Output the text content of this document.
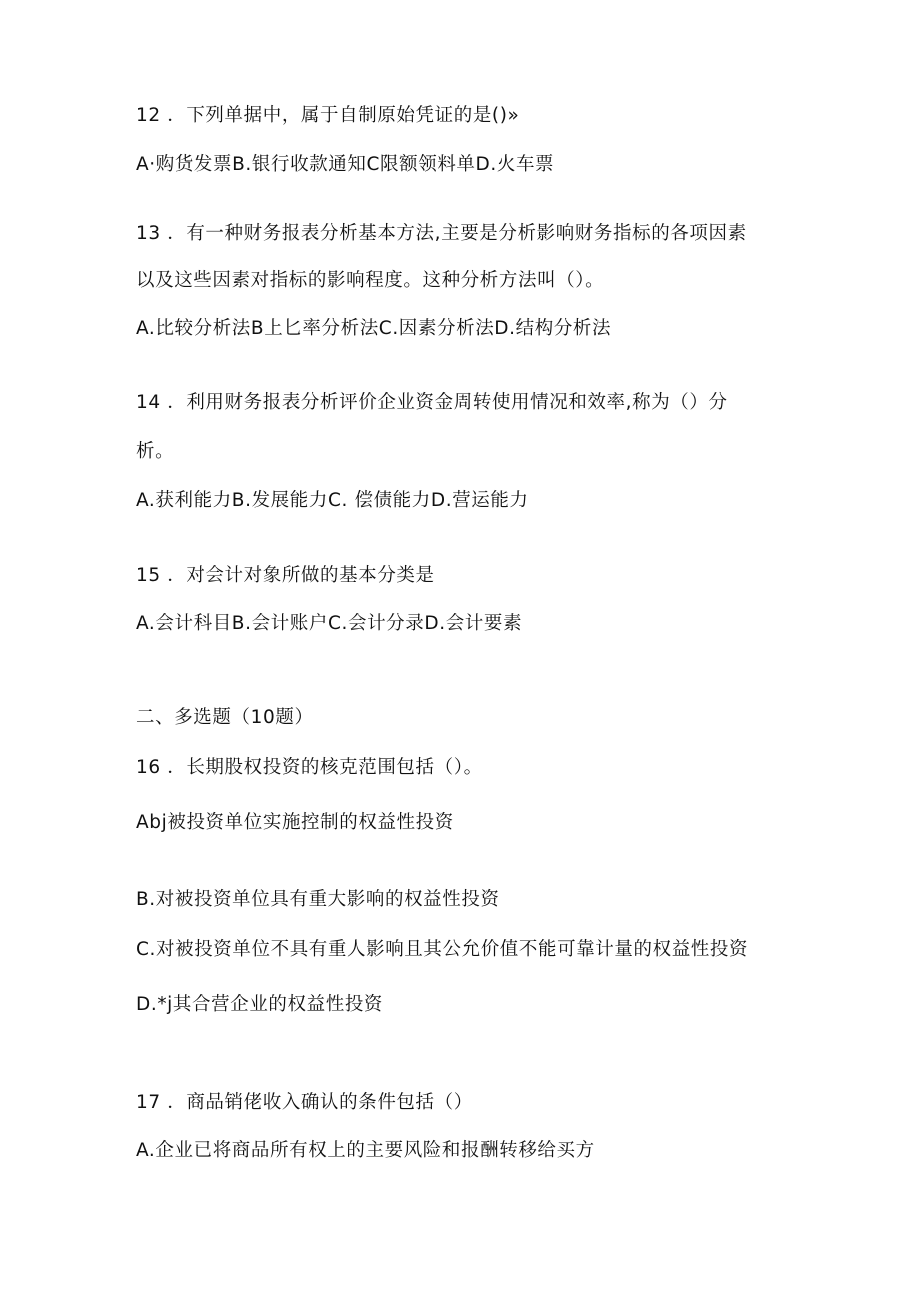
12 ．下列单据中，属于自制原始凭证的是()»
A·购货发票B.银行收款通知C限额领料单D.火车票
13 ．有一种财务报表分析基本方法,主要是分析影响财务指标的各项因素
以及这些因素对指标的影响程度。这种分析方法叫（）。
A.比较分析法B上匕率分析法C.因素分析法D.结构分析法
14 ．利用财务报表分析评价企业资金周转使用情况和效率,称为（）分
析。
A.获利能力B.发展能力C. 偿债能力D.营运能力
15 ．对会计对象所做的基本分类是
A.会计科目B.会计账户C.会计分录D.会计要素
二、多选题（10题）
16 ．长期股权投资的核克范围包括（）。
Abj被投资单位实施控制的权益性投资
B.对被投资单位具有重大影响的权益性投资
C.对被投资单位不具有重人影响且其公允价值不能可靠计量的权益性投资
D.*j其合营企业的权益性投资
17 ．商品销佬收入确认的条件包括（）
A.企业已将商品所有权上的主要风险和报酬转移给买方
